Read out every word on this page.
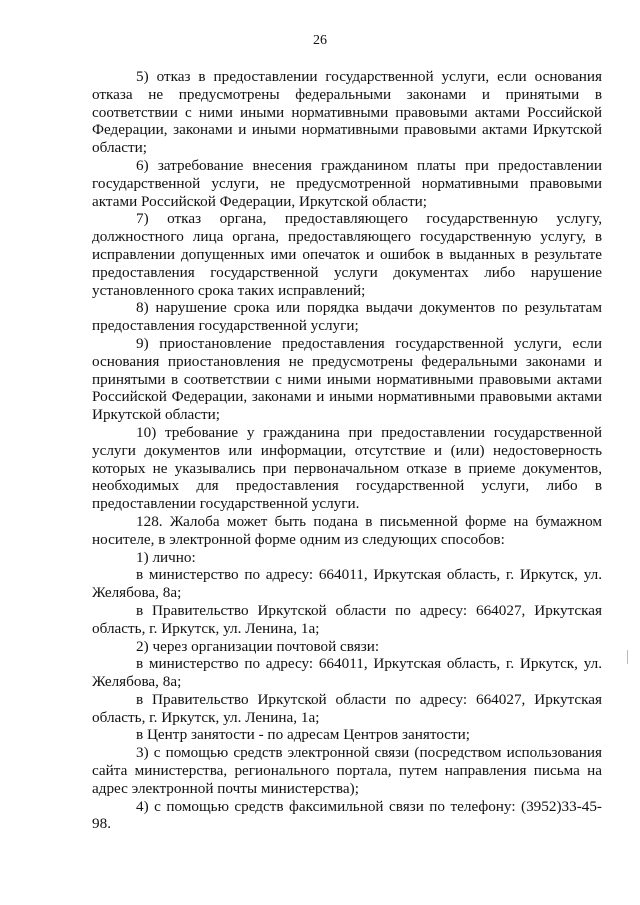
26

5) отказ в предоставлении государственной услуги, если основания отказа не предусмотрены федеральными законами и принятыми в соответствии с ними иными нормативными правовыми актами Российской Федерации, законами и иными нормативными правовыми актами Иркутской области;

6) затребование внесения гражданином платы при предоставлении государственной услуги, не предусмотренной нормативными правовыми актами Российской Федерации, Иркутской области;

7) отказ органа, предоставляющего государственную услугу, должностного лица органа, предоставляющего государственную услугу, в исправлении допущенных ими опечаток и ошибок в выданных в результате предоставления государственной услуги документах либо нарушение установленного срока таких исправлений;

8) нарушение срока или порядка выдачи документов по результатам предоставления государственной услуги;

9) приостановление предоставления государственной услуги, если основания приостановления не предусмотрены федеральными законами и принятыми в соответствии с ними иными нормативными правовыми актами Российской Федерации, законами и иными нормативными правовыми актами Иркутской области;

10) требование у гражданина при предоставлении государственной услуги документов или информации, отсутствие и (или) недостоверность которых не указывались при первоначальном отказе в приеме документов, необходимых для предоставления государственной услуги, либо в предоставлении государственной услуги.

128. Жалоба может быть подана в письменной форме на бумажном носителе, в электронной форме одним из следующих способов:

1) лично:

в министерство по адресу: 664011, Иркутская область, г. Иркутск, ул. Желябова, 8а;

в Правительство Иркутской области по адресу: 664027, Иркутская область, г. Иркутск, ул. Ленина, 1а;

2) через организации почтовой связи:

в министерство по адресу: 664011, Иркутская область, г. Иркутск, ул. Желябова, 8а;

в Правительство Иркутской области по адресу: 664027, Иркутская область, г. Иркутск, ул. Ленина, 1а;

в Центр занятости - по адресам Центров занятости;

3) с помощью средств электронной связи (посредством использования сайта министерства, регионального портала, путем направления письма на адрес электронной почты министерства);

4) с помощью средств факсимильной связи по телефону: (3952)33-45-98.
